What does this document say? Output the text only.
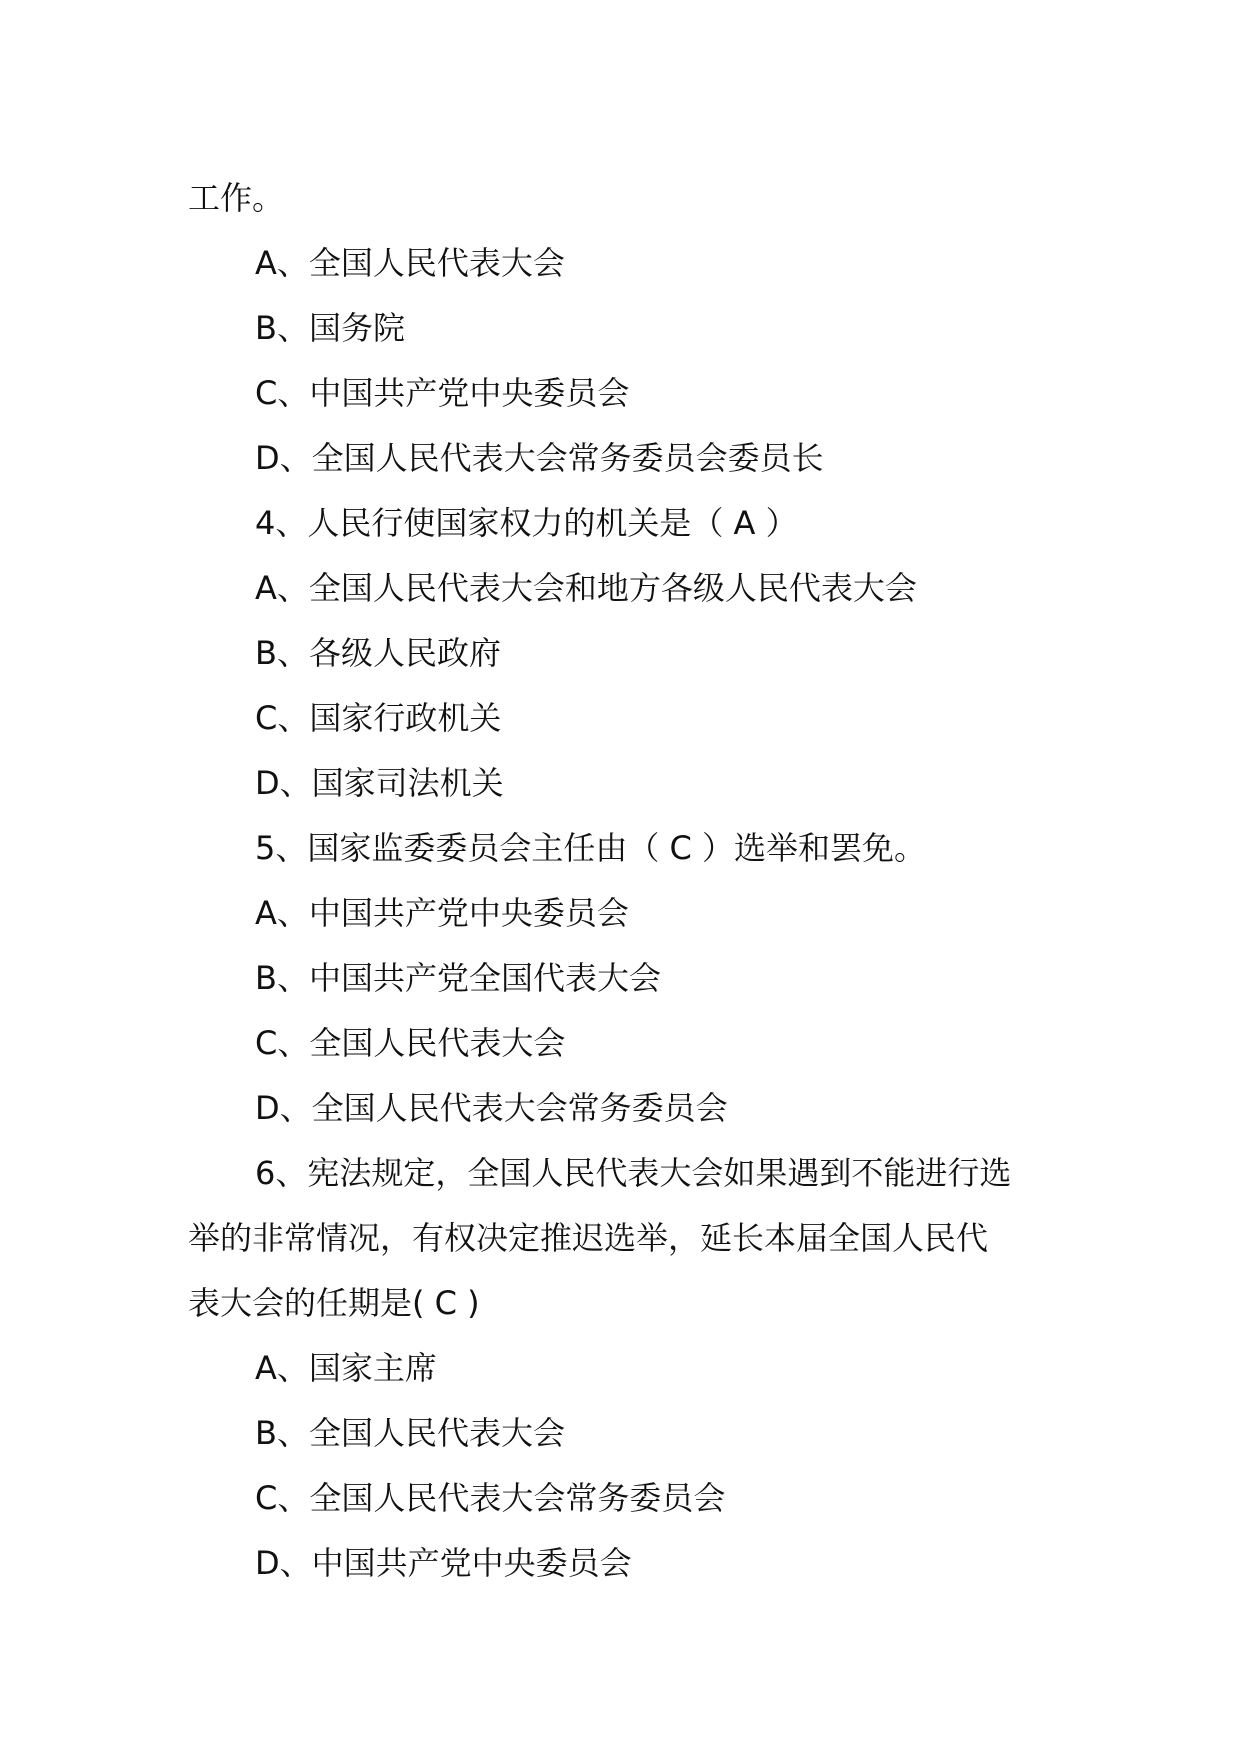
工作。
A、全国人民代表大会
B、国务院
C、中国共产党中央委员会
D、全国人民代表大会常务委员会委员长
4、人民行使国家权力的机关是（ A ）
A、全国人民代表大会和地方各级人民代表大会
B、各级人民政府
C、国家行政机关
D、国家司法机关
5、国家监委委员会主任由（ C ）选举和罢免。
A、中国共产党中央委员会
B、中国共产党全国代表大会
C、全国人民代表大会
D、全国人民代表大会常务委员会
6、宪法规定，全国人民代表大会如果遇到不能进行选
举的非常情况，有权决定推迟选举，延长本届全国人民代
表大会的任期是( C )
A、国家主席
B、全国人民代表大会
C、全国人民代表大会常务委员会
D、中国共产党中央委员会
